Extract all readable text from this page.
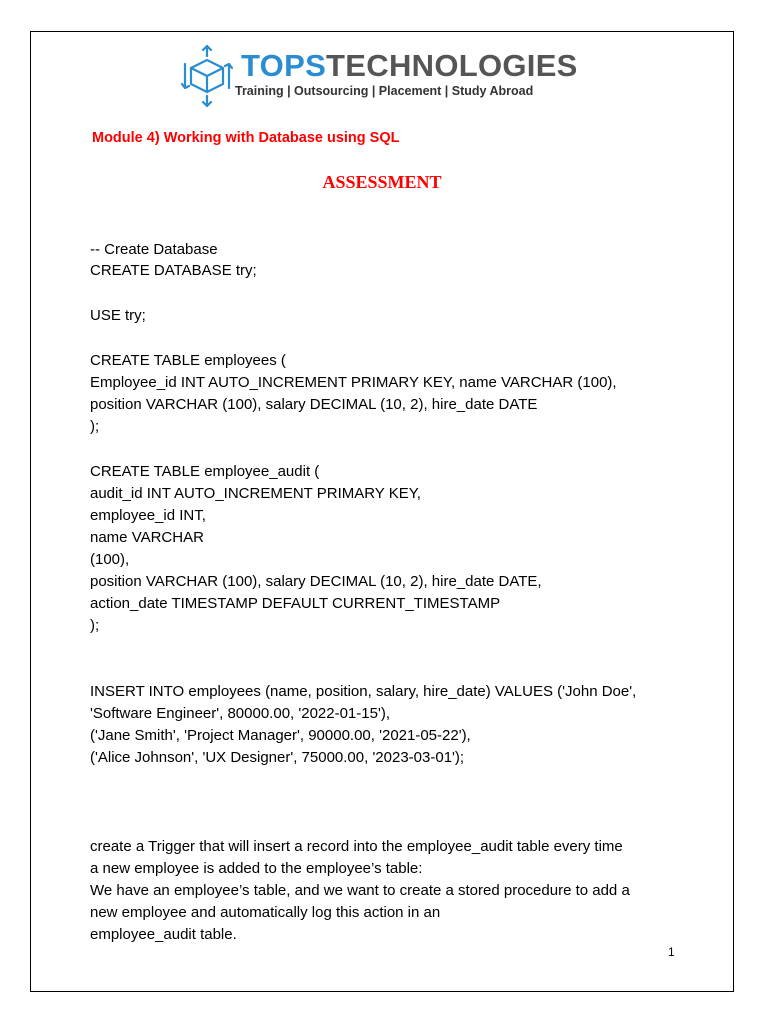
TOPSTECHNOLOGIES
Training | Outsourcing | Placement | Study Abroad
Module 4) Working with Database using SQL
ASSESSMENT
-- Create Database
CREATE DATABASE try;
USE try;
CREATE TABLE employees (
Employee_id INT AUTO_INCREMENT PRIMARY KEY, name VARCHAR (100),
position VARCHAR (100), salary DECIMAL (10, 2), hire_date DATE
);
CREATE TABLE employee_audit (
audit_id INT AUTO_INCREMENT PRIMARY KEY,
employee_id INT,
name VARCHAR
(100),
position VARCHAR (100), salary DECIMAL (10, 2), hire_date DATE,
action_date TIMESTAMP DEFAULT CURRENT_TIMESTAMP
);
INSERT INTO employees (name, position, salary, hire_date) VALUES ('John Doe',
'Software Engineer', 80000.00, '2022-01-15'),
('Jane Smith', 'Project Manager', 90000.00, '2021-05-22'),
('Alice Johnson', 'UX Designer', 75000.00, '2023-03-01');
create a Trigger that will insert a record into the employee_audit table every time
a new employee is added to the employee’s table:
We have an employee’s table, and we want to create a stored procedure to add a
new employee and automatically log this action in an
employee_audit table.
1
